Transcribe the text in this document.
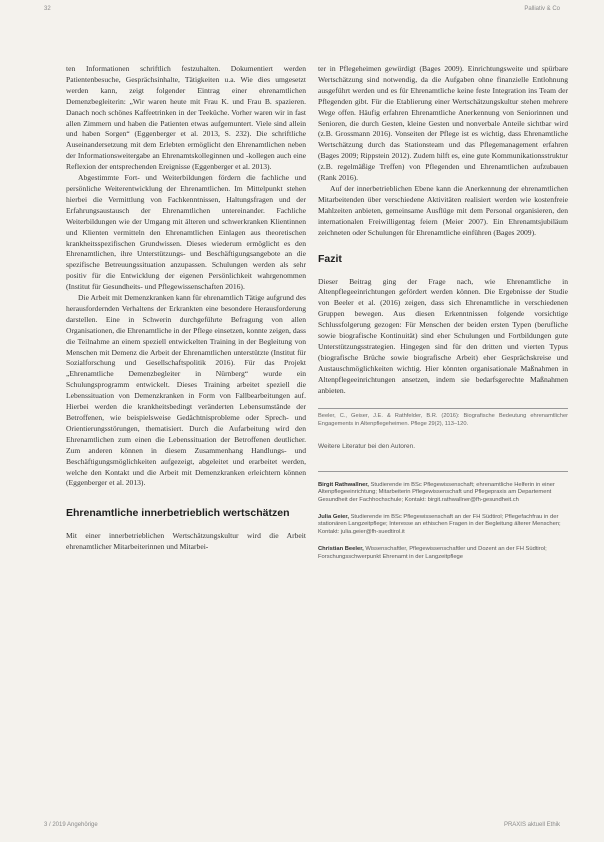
32	Palliativ & Co

ten Informationen schriftlich festzuhalten. Dokumentiert werden Patientenbesuche, Gesprächsinhalte, Tätigkeiten u.a. Wie dies umgesetzt werden kann, zeigt folgender Eintrag einer ehrenamtlichen Demenzbegleiterin: „Wir waren heute mit Frau K. und Frau B. spazieren. Danach noch schönes Kaffeetrinken in der Teeküche. Vorher waren wir in fast allen Zimmern und haben die Patienten etwas aufgemuntert. Viele sind allein und haben Sorgen“ (Eggenberger et al. 2013, S. 232). Die schriftliche Auseinandersetzung mit dem Erlebten ermöglicht den Ehrenamtlichen neben der Informationsweitergabe an Ehrenamtskolleginnen und -kollegen auch eine Reflexion der entsprechenden Ereignisse (Eggenberger et al. 2013).

Abgestimmte Fort- und Weiterbildungen fördern die fachliche und persönliche Weiterentwicklung der Ehrenamtlichen. Im Mittelpunkt stehen hierbei die Vermittlung von Fachkenntnissen, Haltungsfragen und der Erfahrungsaustausch der Ehrenamtlichen untereinander. Fachliche Weiterbildungen wie der Umgang mit älteren und schwerkranken Klientinnen und Klienten vermitteln den Ehrenamtlichen Einlagen aus theoretischen krankheitsspezifischen Grundwissen. Dieses wiederum ermöglicht es den Ehrenamtlichen, ihre Unterstützungs- und Beschäftigungsangebote an die spezifische Betreuungssituation anzupassen. Schulungen werden als sehr positiv für die Entwicklung der eigenen Persönlichkeit wahrgenommen (Institut für Gesundheits- und Pflegewissenschaften 2016).

Die Arbeit mit Demenzkranken kann für ehrenamtlich Tätige aufgrund des herausfordernden Verhaltens der Erkrankten eine besondere Herausforderung darstellen. Eine in Schwerin durchgeführte Befragung von allen Organisationen, die Ehrenamtliche in der Pflege einsetzen, konnte zeigen, dass die Teilnahme an einem speziell entwickelten Training in der Begleitung von Menschen mit Demenz die Arbeit der Ehrenamtlichen unterstützte (Institut für Sozialforschung und Gesellschaftspolitik 2016). Für das Projekt „Ehrenamtliche Demenzbegleiter in Nürnberg“ wurde ein Schulungsprogramm entwickelt. Dieses Training arbeitet speziell die Lebenssituation von Demenzkranken in Form von Fallbearbeitungen auf. Hierbei werden die krankheitsbedingt veränderten Lebensumstände der Betroffenen, wie beispielsweise Gedächtnisprobleme oder Sprech- und Orientierungsstörungen, thematisiert. Durch die Aufarbeitung wird den Ehrenamtlichen zum einen die Lebenssituation der Betroffenen deutlicher. Zum anderen können in diesem Zusammenhang Handlungs- und Beschäftigungsmöglichkeiten aufgezeigt, abgeleitet und erarbeitet werden, welche den Kontakt und die Arbeit mit Demenzkranken erleichtern können (Eggenberger et al. 2013).

Ehrenamtliche innerbetrieblich wertschätzen

Mit einer innerbetrieblichen Wertschätzungskultur wird die Arbeit ehrenamtlicher Mitarbeiterinnen und Mitarbei-

ter in Pflegeheimen gewürdigt (Bages 2009). Einrichtungsweite und spürbare Wertschätzung sind notwendig, da die Aufgaben ohne finanzielle Entlohnung ausgeführt werden und es für Ehrenamtliche keine feste Integration ins Team der Pflegenden gibt. Für die Etablierung einer Wertschätzungskultur stehen mehrere Wege offen. Häufig erfahren Ehrenamtliche Anerkennung von Seniorinnen und Senioren, die durch Gesten, kleine Gesten und nonverbale Anteile sichtbar wird (z.B. Grossmann 2016). Vonseiten der Pflege ist es wichtig, dass Ehrenamtliche Wertschätzung durch das Stationsteam und das Pflegemanagement erfahren (Bages 2009; Rippstein 2012). Zudem hilft es, eine gute Kommunikationsstruktur (z.B. regelmäßige Treffen) von Pflegenden und Ehrenamtlichen aufzubauen (Rank 2016).

Auf der innerbetrieblichen Ebene kann die Anerkennung der ehrenamtlichen Mitarbeitenden über verschiedene Aktivitäten realisiert werden wie kostenfreie Mahlzeiten anbieten, gemeinsame Ausflüge mit dem Personal organisieren, den internationalen Freiwilligentag feiern (Meier 2007). Ein Ehrenamtsjubiläum zeichneten oder Schulungen für Ehrenamtliche einführen (Bages 2009).

Fazit

Dieser Beitrag ging der Frage nach, wie Ehrenamtliche in Altenpflegeeinrichtungen gefördert werden können. Die Ergebnisse der Studie von Beeler et al. (2016) zeigen, dass sich Ehrenamtliche in verschiedenen Gruppen bewegen. Aus diesen Erkenntnissen folgende vorsichtige Schlussfolgerung gezogen: Für Menschen der beiden ersten Typen (berufliche sowie biografische Kontinuität) sind eher Schulungen und Fortbildungen gute Unterstützungsstrategien. Hingegen sind für den dritten und vierten Typus (biografische Brüche sowie biografische Arbeit) eher Gesprächskreise und Austauschmöglichkeiten wichtig. Hier könnten organisationale Maßnahmen in Altenpflegeeinrichtungen ansetzen, indem sie bedarfsgerechte Maßnahmen anbieten.

Beeler, C., Geiser, J.E. & Rathfelder, B.R. (2016): Biografische Bedeutung ehrenamtlicher Engagements in Altenpflegeheimen. Pflege 29(2), 113–120.
Weitere Literatur bei den Autoren.
Birgit Rathwallner, Studierende im BSc Pflegewissenschaft; ehrenamtliche Helferin in einer Altenpflegeeinrichtung; Mitarbeiterin Pflegewissenschaft und Pflegepraxis am Departement Gesundheit der Fachhochschule; Kontakt: birgit.rathwallner@fh-gesundheit.ch
Julia Geier, Studierende im BSc Pflegewissenschaft an der FH Südtirol; Pflegefachfrau in der stationären Langzeitpflege; Interesse an ethischen Fragen in der Begleitung älterer Menschen; Kontakt: julia.geier@fh-suedtirol.it
Christian Beeler, Wissenschaftler, Pflegewissenschaftler und Dozent an der FH Südtirol; Forschungsschwerpunkt Ehrenamt in der Langzeitpflege
3 / 2019 Angehörige	PRAXIS aktuell Ethik
